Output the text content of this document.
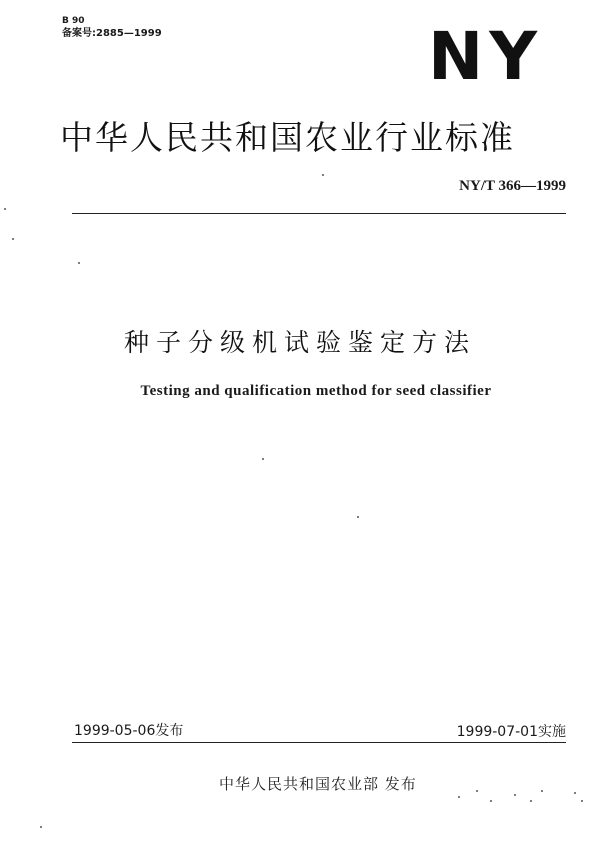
B 90
备案号:2885—1999	NY
中华人民共和国农业行业标准
NY/T 366—1999
种子分级机试验鉴定方法
Testing and qualification method for seed classifier
1999-05-06发布	1999-07-01实施
中华人民共和国农业部 发布
